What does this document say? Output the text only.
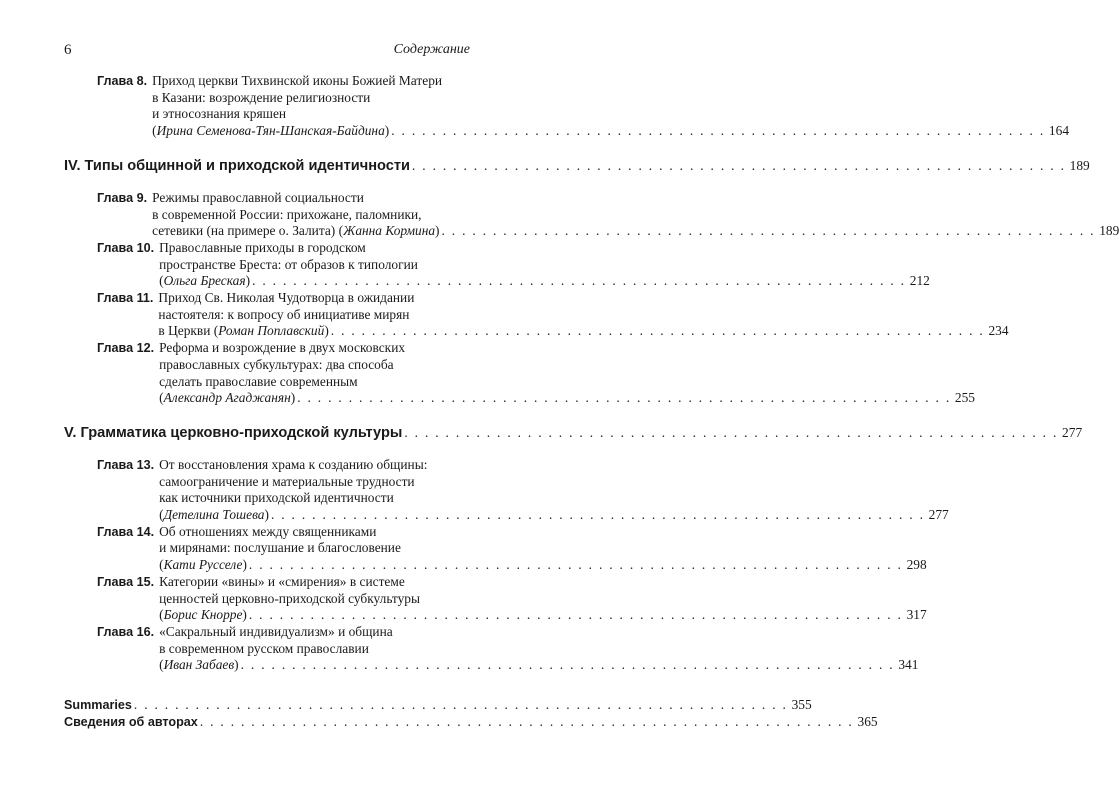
6	Содержание
Глава 8. Приход церкви Тихвинской иконы Божией Матери
в Казани: возрождение религиозности
и этносознания кряшен
( Ирина Семенова-Тян-Шанская-Байдина ) . . . . . . . . . . . . . . . . . . . . . . . . . . . . . . . . . . . . . . . . . . . . . . . . . . . . . . . . . . . . . . . . 164
IV. Типы общинной и приходской идентичности . . . . . . . . . . . . . . . . . . . . . . . . . . . . . . . . . . . . . . . . . . . . . . . . . . . . . . . . . . . . . . . . 189
Глава 9. Режимы православной социальности
в современной России: прихожане, паломники,
сетевики (на примере о. Залита) ( Жанна Кормина ) . . . . . . . . . . . . . . . . . . . . . . . . . . . . . . . . . . . . . . . . . . . . . . . . . . . . . . . . . . . . . . . . 189
Глава 10. Православные приходы в городском
пространстве Бреста: от образов к типологии
( Ольга Бреская ) . . . . . . . . . . . . . . . . . . . . . . . . . . . . . . . . . . . . . . . . . . . . . . . . . . . . . . . . . . . . . . . . 212
Глава 11. Приход Св. Николая Чудотворца в ожидании
настоятеля: к вопросу об инициативе мирян
в Церкви ( Роман Поплавский ) . . . . . . . . . . . . . . . . . . . . . . . . . . . . . . . . . . . . . . . . . . . . . . . . . . . . . . . . . . . . . . . . 234
Глава 12. Реформа и возрождение в двух московских
православных субкультурах: два способа
сделать православие современным
( Александр Агаджанян ) . . . . . . . . . . . . . . . . . . . . . . . . . . . . . . . . . . . . . . . . . . . . . . . . . . . . . . . . . . . . . . . . 255
V. Грамматика церковно-приходской культуры . . . . . . . . . . . . . . . . . . . . . . . . . . . . . . . . . . . . . . . . . . . . . . . . . . . . . . . . . . . . . . . . 277
Глава 13. От восстановления храма к созданию общины:
самоограничение и материальные трудности
как источники приходской идентичности
( Детелина Тошева ) . . . . . . . . . . . . . . . . . . . . . . . . . . . . . . . . . . . . . . . . . . . . . . . . . . . . . . . . . . . . . . . . 277
Глава 14. Об отношениях между священниками
и мирянами: послушание и благословение
( Кати Русселе ) . . . . . . . . . . . . . . . . . . . . . . . . . . . . . . . . . . . . . . . . . . . . . . . . . . . . . . . . . . . . . . . . 298
Глава 15. Категории «вины» и «смирения» в системе
ценностей церковно-приходской субкультуры
( Борис Кнорре ) . . . . . . . . . . . . . . . . . . . . . . . . . . . . . . . . . . . . . . . . . . . . . . . . . . . . . . . . . . . . . . . . 317
Глава 16. «Сакральный индивидуализм» и община
в современном русском православии
( Иван Забаев ) . . . . . . . . . . . . . . . . . . . . . . . . . . . . . . . . . . . . . . . . . . . . . . . . . . . . . . . . . . . . . . . . 341
Summaries . . . . . . . . . . . . . . . . . . . . . . . . . . . . . . . . . . . . . . . . . . . . . . . . . . . . . . . . . . . . . . . . 355
Сведения об авторах . . . . . . . . . . . . . . . . . . . . . . . . . . . . . . . . . . . . . . . . . . . . . . . . . . . . . . . . . . . . . . . . 365
